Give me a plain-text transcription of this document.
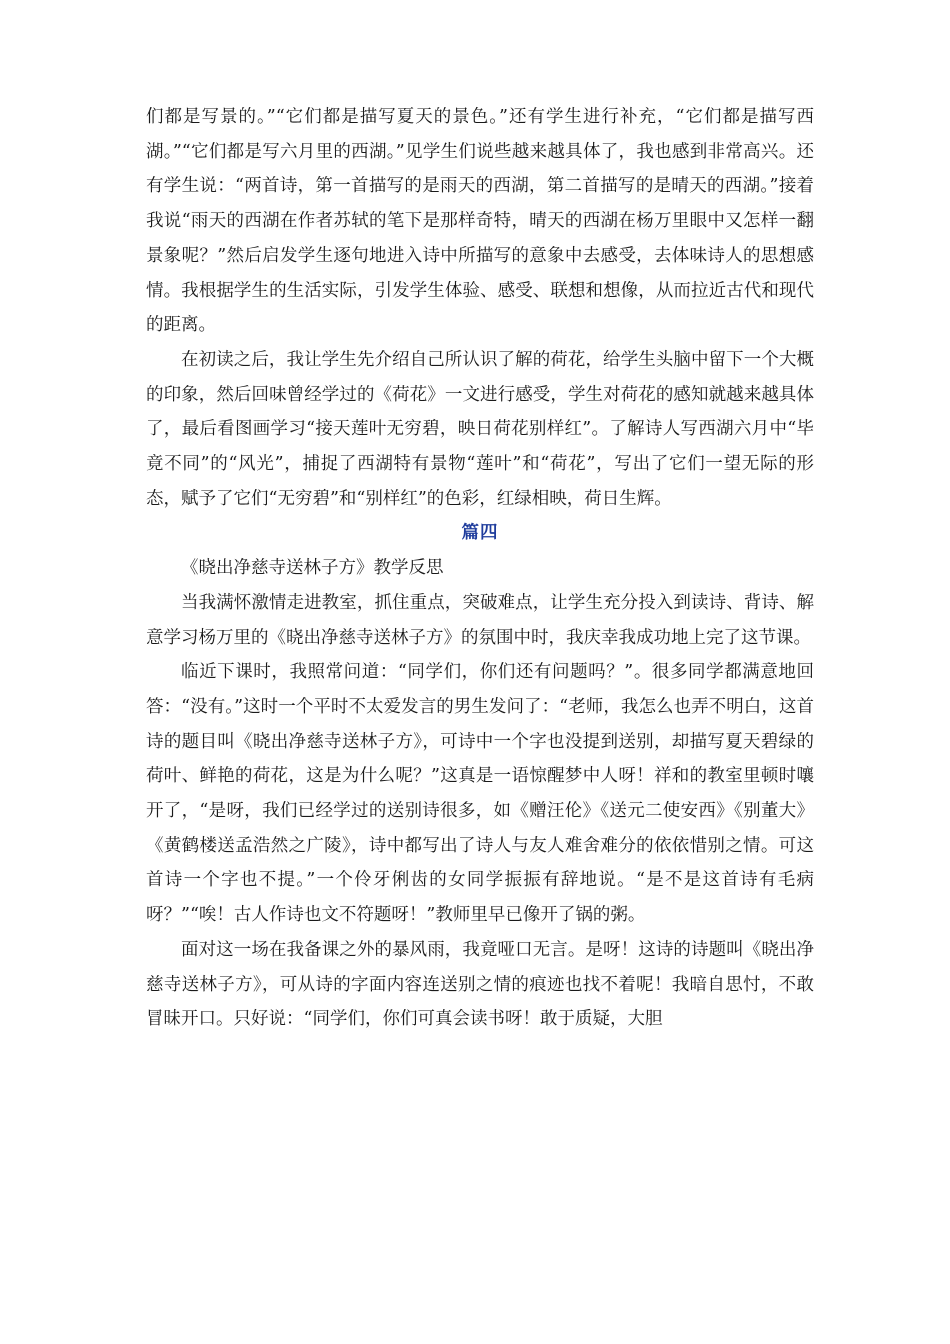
们都是写景的。”“它们都是描写夏天的景色。”还有学生进行补充，“它们都是描写西湖。”“它们都是写六月里的西湖。”见学生们说些越来越具体了，我也感到非常高兴。还有学生说：“两首诗，第一首描写的是雨天的西湖，第二首描写的是晴天的西湖。”接着我说“雨天的西湖在作者苏轼的笔下是那样奇特，晴天的西湖在杨万里眼中又怎样一翻景象呢？”然后启发学生逐句地进入诗中所描写的意象中去感受，去体味诗人的思想感情。我根据学生的生活实际，引发学生体验、感受、联想和想像，从而拉近古代和现代的距离。

在初读之后，我让学生先介绍自己所认识了解的荷花，给学生头脑中留下一个大概的印象，然后回味曾经学过的《荷花》一文进行感受，学生对荷花的感知就越来越具体了，最后看图画学习“接天莲叶无穷碧，映日荷花别样红”。了解诗人写西湖六月中“毕竟不同”的“风光”，捕捉了西湖特有景物“莲叶”和“荷花”，写出了它们一望无际的形态，赋予了它们“无穷碧”和“别样红”的色彩，红绿相映，荷日生辉。

篇四

《晓出净慈寺送林子方》教学反思

当我满怀激情走进教室，抓住重点，突破难点，让学生充分投入到读诗、背诗、解意学习杨万里的《晓出净慈寺送林子方》的氛围中时，我庆幸我成功地上完了这节课。

临近下课时，我照常问道：“同学们，你们还有问题吗？”。很多同学都满意地回答：“没有。”这时一个平时不太爱发言的男生发问了：“老师，我怎么也弄不明白，这首诗的题目叫《晓出净慈寺送林子方》，可诗中一个字也没提到送别，却描写夏天碧绿的荷叶、鲜艳的荷花，这是为什么呢？”这真是一语惊醒梦中人呀！祥和的教室里顿时嚷开了，“是呀，我们已经学过的送别诗很多，如《赠汪伦》《送元二使安西》《别董大》《黄鹤楼送孟浩然之广陵》，诗中都写出了诗人与友人难舍难分的依依惜别之情。可这首诗一个字也不提。”一个伶牙俐齿的女同学振振有辞地说。“是不是这首诗有毛病呀？”“唉！古人作诗也文不符题呀！”教师里早已像开了锅的粥。

面对这一场在我备课之外的暴风雨，我竟哑口无言。是呀！这诗的诗题叫《晓出净慈寺送林子方》，可从诗的字面内容连送别之情的痕迹也找不着呢！我暗自思忖，不敢冒昧开口。只好说：“同学们，你们可真会读书呀！敢于质疑，大胆
